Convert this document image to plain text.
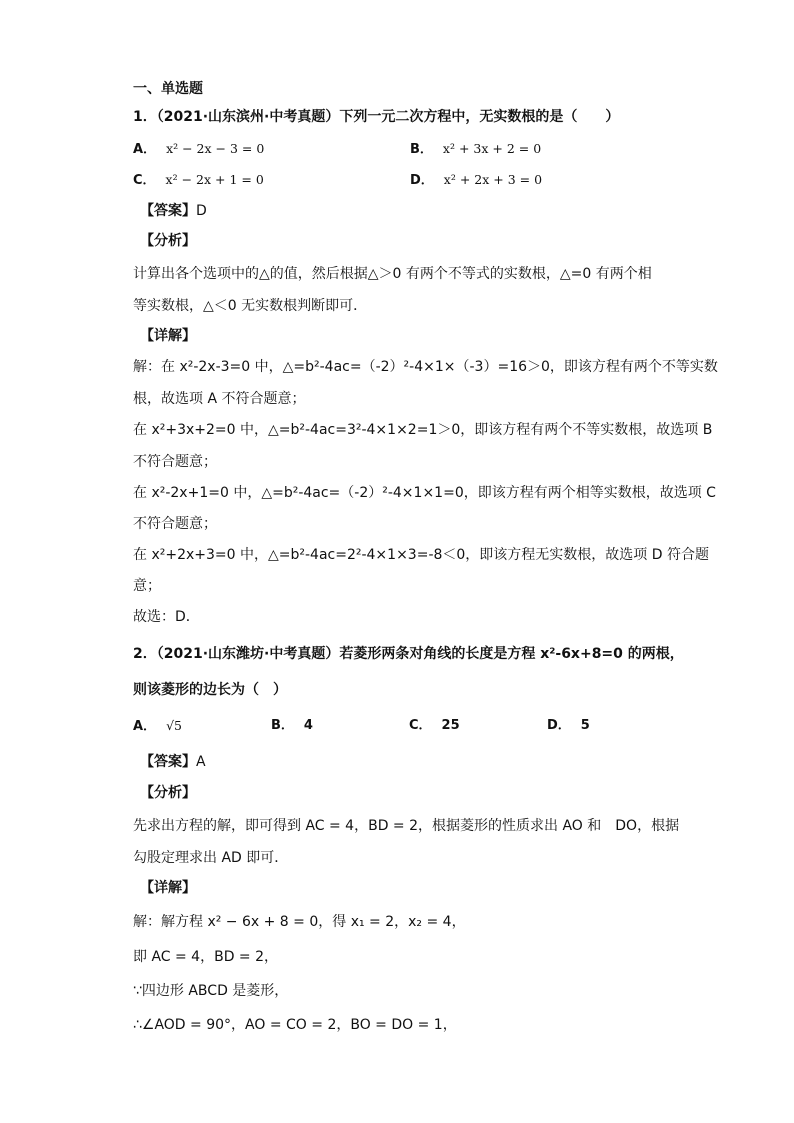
一、单选题
1．（2021·山东滨州·中考真题）下列一元二次方程中，无实数根的是（　　）
A． x² − 2x − 3 = 0	B． x² + 3x + 2 = 0
C． x² − 2x + 1 = 0	D． x² + 2x + 3 = 0
【答案】D
【分析】
计算出各个选项中的△的值，然后根据△＞0 有两个不等式的实数根，△=0 有两个相
等实数根，△＜0 无实数根判断即可．
【详解】
解：在 x²-2x-3=0 中，△=b²-4ac=（-2）²-4×1×（-3）=16＞0，即该方程有两个不等实数
根，故选项 A 不符合题意；
在 x²+3x+2=0 中，△=b²-4ac=3²-4×1×2=1＞0，即该方程有两个不等实数根，故选项 B
不符合题意；
在 x²-2x+1=0 中，△=b²-4ac=（-2）²-4×1×1=0，即该方程有两个相等实数根，故选项 C
不符合题意；
在 x²+2x+3=0 中，△=b²-4ac=2²-4×1×3=-8＜0，即该方程无实数根，故选项 D 符合题
意；
故选：D．
2．（2021·山东潍坊·中考真题）若菱形两条对角线的长度是方程 x²-6x+8=0 的两根，
则该菱形的边长为（　）
A． √5	B． 4	C． 25	D． 5
【答案】A
【分析】
先求出方程的解，即可得到 AC = 4，BD = 2，根据菱形的性质求出 AO 和　DO，根据
勾股定理求出 AD 即可．
【详解】
解：解方程 x² − 6x + 8 = 0，得 x₁ = 2，x₂ = 4，
即 AC = 4，BD = 2，
∵四边形 ABCD 是菱形，
∴∠AOD = 90°，AO = CO = 2，BO = DO = 1，
